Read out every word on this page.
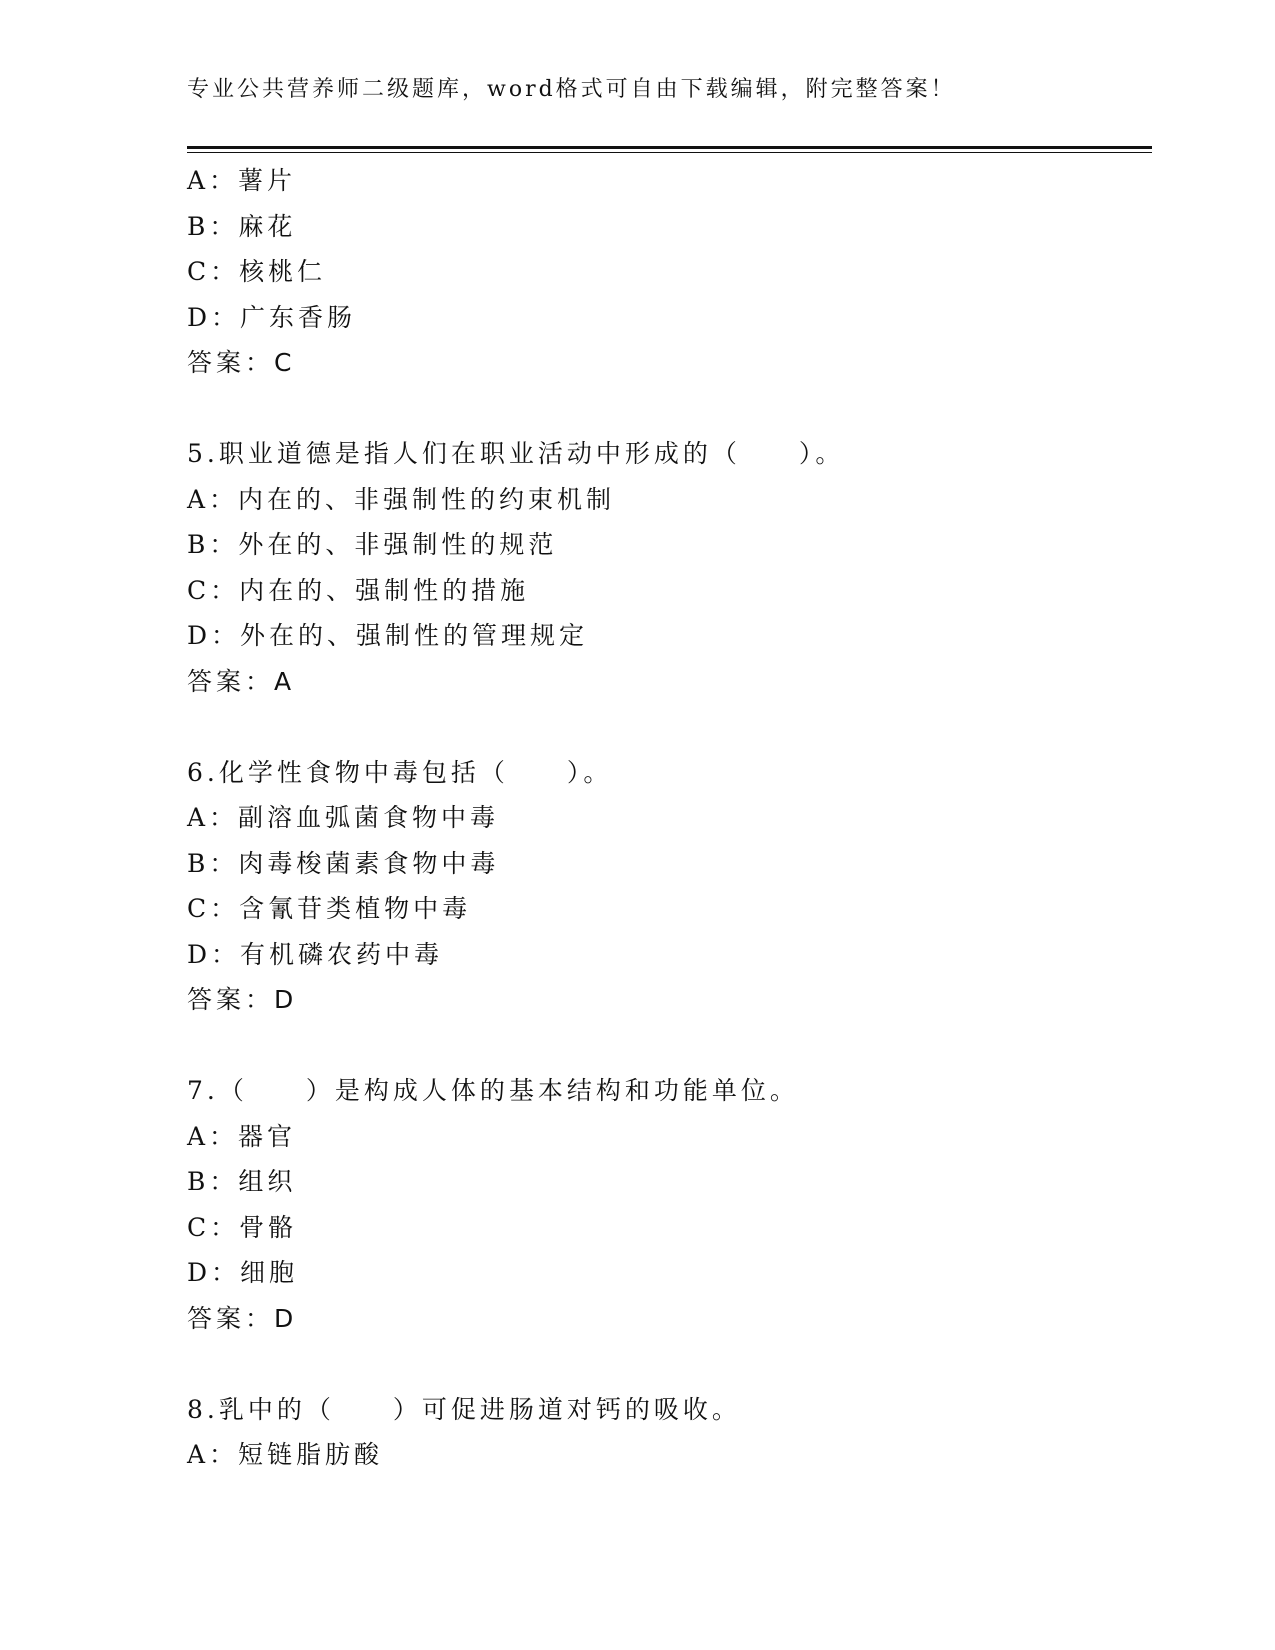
专业公共营养师二级题库，word格式可自由下载编辑，附完整答案！
A：薯片
B：麻花
C：核桃仁
D：广东香肠
答案：C
5.职业道德是指人们在职业活动中形成的（　　）。
A：内在的、非强制性的约束机制
B：外在的、非强制性的规范
C：内在的、强制性的措施
D：外在的、强制性的管理规定
答案：A
6.化学性食物中毒包括（　　）。
A：副溶血弧菌食物中毒
B：肉毒梭菌素食物中毒
C：含氰苷类植物中毒
D：有机磷农药中毒
答案：D
7.（　　）是构成人体的基本结构和功能单位。
A：器官
B：组织
C：骨骼
D：细胞
答案：D
8.乳中的（　　）可促进肠道对钙的吸收。
A：短链脂肪酸
